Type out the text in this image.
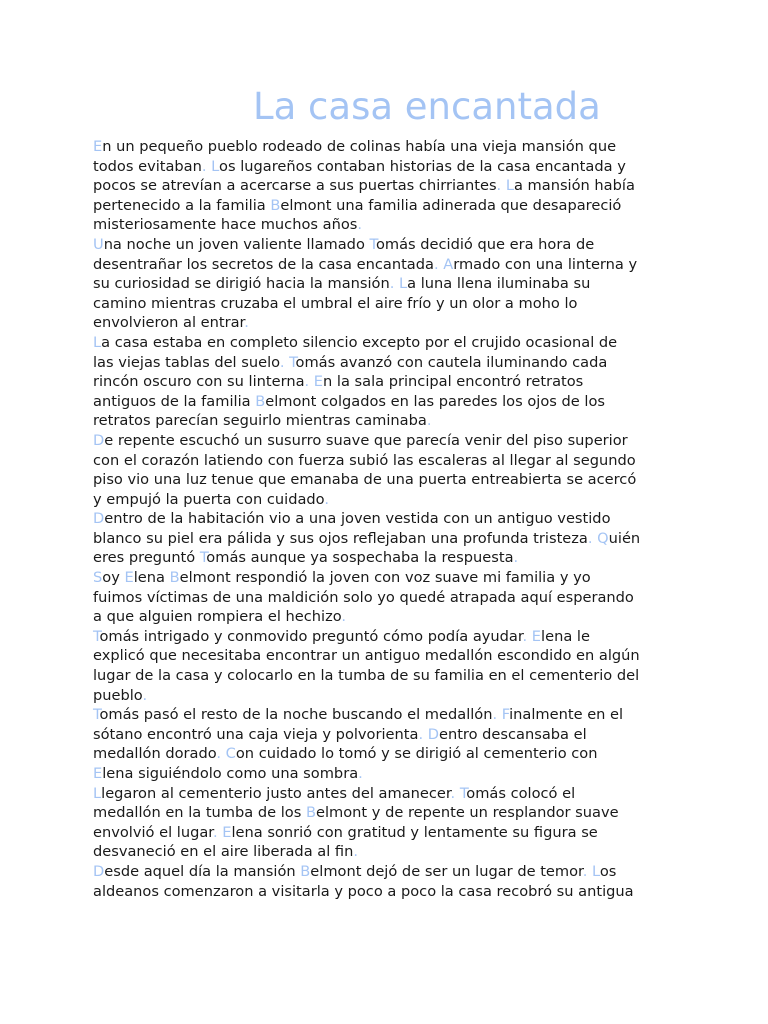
La casa encantada
En un pequeño pueblo rodeado de colinas había una vieja mansión que
todos evitaban. Los lugareños contaban historias de la casa encantada y
pocos se atrevían a acercarse a sus puertas chirriantes. La mansión había
pertenecido a la familia Belmont una familia adinerada que desapareció
misteriosamente hace muchos años.
Una noche un joven valiente llamado Tomás decidió que era hora de
desentrañar los secretos de la casa encantada. Armado con una linterna y
su curiosidad se dirigió hacia la mansión. La luna llena iluminaba su
camino mientras cruzaba el umbral el aire frío y un olor a moho lo
envolvieron al entrar.
La casa estaba en completo silencio excepto por el crujido ocasional de
las viejas tablas del suelo. Tomás avanzó con cautela iluminando cada
rincón oscuro con su linterna. En la sala principal encontró retratos
antiguos de la familia Belmont colgados en las paredes los ojos de los
retratos parecían seguirlo mientras caminaba.
De repente escuchó un susurro suave que parecía venir del piso superior
con el corazón latiendo con fuerza subió las escaleras al llegar al segundo
piso vio una luz tenue que emanaba de una puerta entreabierta se acercó
y empujó la puerta con cuidado.
Dentro de la habitación vio a una joven vestida con un antiguo vestido
blanco su piel era pálida y sus ojos reflejaban una profunda tristeza. Quién
eres preguntó Tomás aunque ya sospechaba la respuesta.
Soy Elena Belmont respondió la joven con voz suave mi familia y yo
fuimos víctimas de una maldición solo yo quedé atrapada aquí esperando
a que alguien rompiera el hechizo.
Tomás intrigado y conmovido preguntó cómo podía ayudar. Elena le
explicó que necesitaba encontrar un antiguo medallón escondido en algún
lugar de la casa y colocarlo en la tumba de su familia en el cementerio del
pueblo.
Tomás pasó el resto de la noche buscando el medallón. Finalmente en el
sótano encontró una caja vieja y polvorienta. Dentro descansaba el
medallón dorado. Con cuidado lo tomó y se dirigió al cementerio con
Elena siguiéndolo como una sombra.
Llegaron al cementerio justo antes del amanecer. Tomás colocó el
medallón en la tumba de los Belmont y de repente un resplandor suave
envolvió el lugar. Elena sonrió con gratitud y lentamente su figura se
desvaneció en el aire liberada al fin.
Desde aquel día la mansión Belmont dejó de ser un lugar de temor. Los
aldeanos comenzaron a visitarla y poco a poco la casa recobró su antigua
